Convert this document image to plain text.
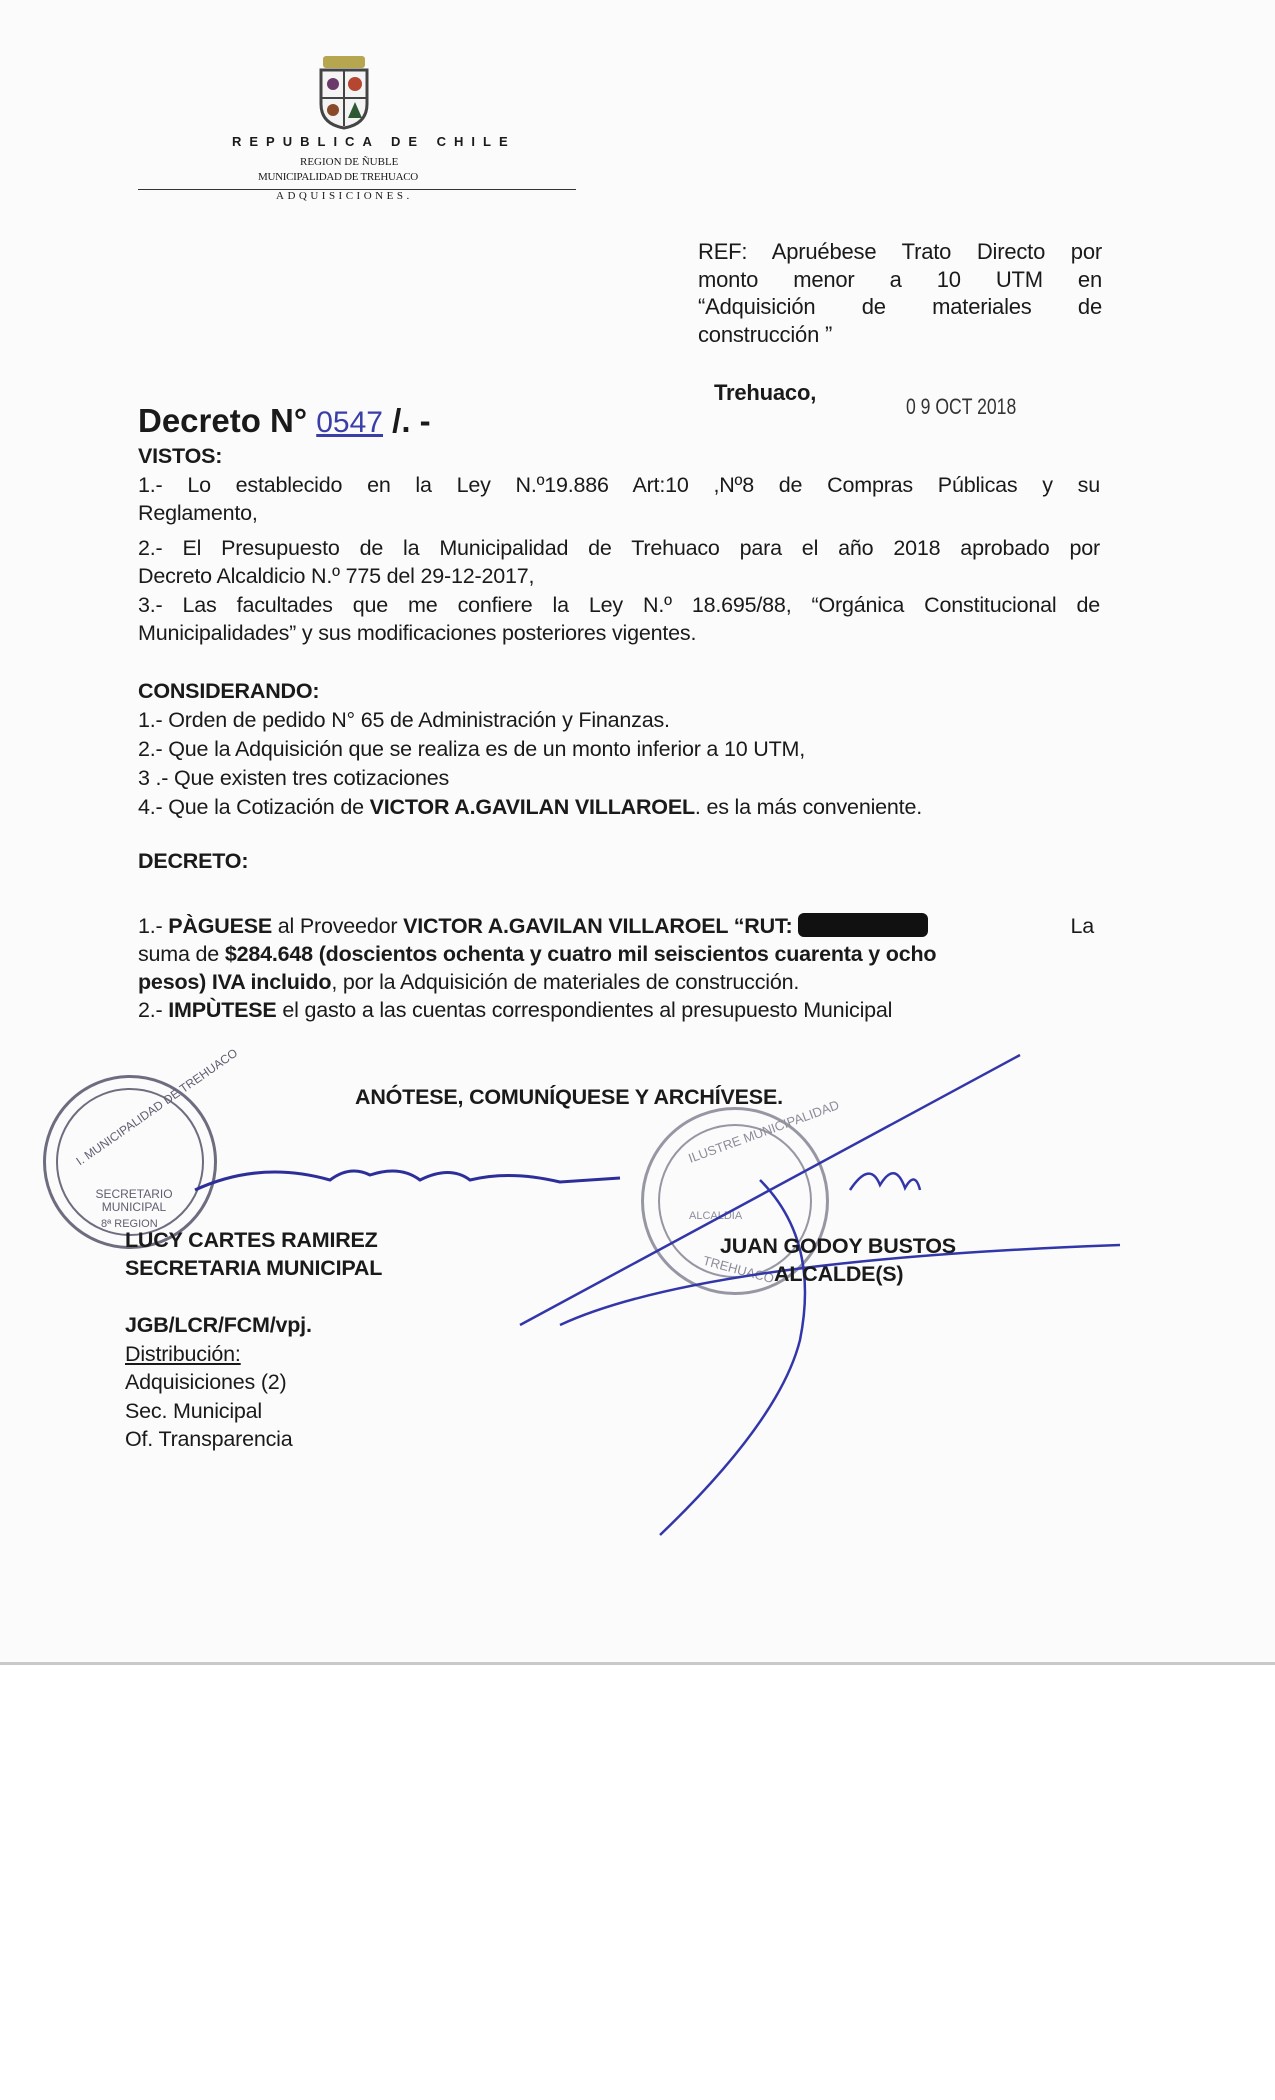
REPUBLICA DE CHILE
REGION DE ÑUBLE
MUNICIPALIDAD DE TREHUACO
ADQUISICIONES.
REF: Apruébese Trato Directo por
monto menor a 10 UTM en
“Adquisición de materiales de
construcción ”
Trehuaco,
0 9 OCT 2018
Decreto N° 0547 /. -
VISTOS:
1.- Lo establecido en la Ley N.º19.886 Art:10 ,Nº8 de Compras Públicas y su
Reglamento,
2.- El Presupuesto de la Municipalidad de Trehuaco para el año 2018 aprobado por
Decreto Alcaldicio N.º 775 del 29-12-2017,
3.- Las facultades que me confiere la Ley N.º 18.695/88, “Orgánica Constitucional de
Municipalidades” y sus modificaciones posteriores vigentes.
CONSIDERANDO:
1.- Orden de pedido N° 65 de Administración y Finanzas.
2.- Que la Adquisición que se realiza es de un monto inferior a 10 UTM,
3 .- Que existen tres cotizaciones
4.- Que la Cotización de VICTOR A.GAVILAN VILLAROEL. es la más conveniente.
DECRETO:
1.- PÀGUESE al Proveedor VICTOR A.GAVILAN VILLAROEL “RUT:	La
suma de $284.648 (doscientos ochenta y cuatro mil seiscientos cuarenta y ocho
pesos) IVA incluido, por la Adquisición de materiales de construcción.
2.- IMPÙTESE el gasto a las cuentas correspondientes al presupuesto Municipal
ANÓTESE, COMUNÍQUESE Y ARCHÍVESE.
I. MUNICIPALIDAD DE TREHUACO
SECRETARIO MUNICIPAL
8ª REGION
ILUSTRE MUNICIPALIDAD
ALCALDIA
TREHUACO
LUCY CARTES RAMIREZ
SECRETARIA MUNICIPAL
JUAN GODOY BUSTOS
ALCALDE(S)
JGB/LCR/FCM/vpj.
Distribución:
Adquisiciones (2)
Sec. Municipal
Of. Transparencia
